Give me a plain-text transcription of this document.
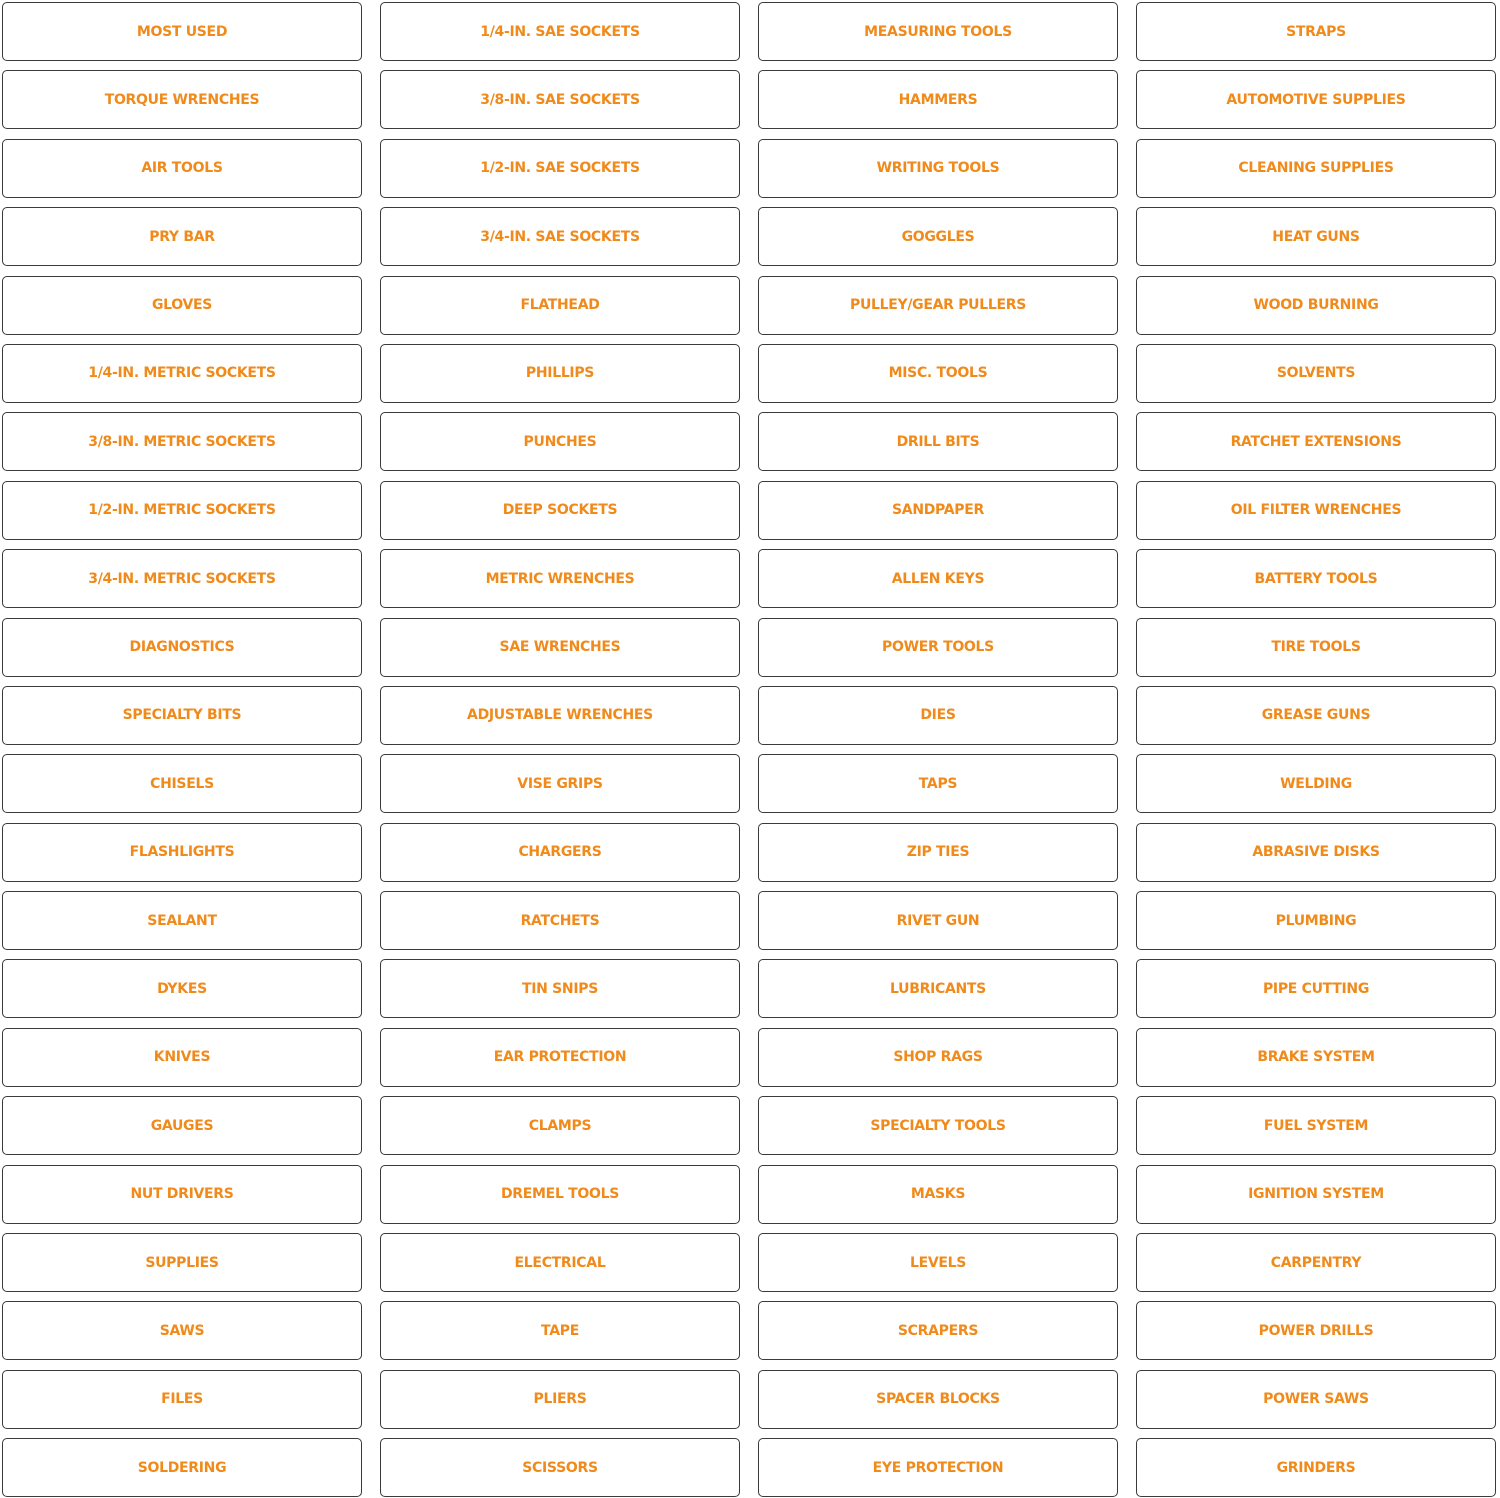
MOST USED	1/4-IN. SAE SOCKETS	MEASURING TOOLS	STRAPS
TORQUE WRENCHES	3/8-IN. SAE SOCKETS	HAMMERS	AUTOMOTIVE SUPPLIES
AIR TOOLS	1/2-IN. SAE SOCKETS	WRITING TOOLS	CLEANING SUPPLIES
PRY BAR	3/4-IN. SAE SOCKETS	GOGGLES	HEAT GUNS
GLOVES	FLATHEAD	PULLEY/GEAR PULLERS	WOOD BURNING
1/4-IN. METRIC SOCKETS	PHILLIPS	MISC. TOOLS	SOLVENTS
3/8-IN. METRIC SOCKETS	PUNCHES	DRILL BITS	RATCHET EXTENSIONS
1/2-IN. METRIC SOCKETS	DEEP SOCKETS	SANDPAPER	OIL FILTER WRENCHES
3/4-IN. METRIC SOCKETS	METRIC WRENCHES	ALLEN KEYS	BATTERY TOOLS
DIAGNOSTICS	SAE WRENCHES	POWER TOOLS	TIRE TOOLS
SPECIALTY BITS	ADJUSTABLE WRENCHES	DIES	GREASE GUNS
CHISELS	VISE GRIPS	TAPS	WELDING
FLASHLIGHTS	CHARGERS	ZIP TIES	ABRASIVE DISKS
SEALANT	RATCHETS	RIVET GUN	PLUMBING
DYKES	TIN SNIPS	LUBRICANTS	PIPE CUTTING
KNIVES	EAR PROTECTION	SHOP RAGS	BRAKE SYSTEM
GAUGES	CLAMPS	SPECIALTY TOOLS	FUEL SYSTEM
NUT DRIVERS	DREMEL TOOLS	MASKS	IGNITION SYSTEM
SUPPLIES	ELECTRICAL	LEVELS	CARPENTRY
SAWS	TAPE	SCRAPERS	POWER DRILLS
FILES	PLIERS	SPACER BLOCKS	POWER SAWS
SOLDERING	SCISSORS	EYE PROTECTION	GRINDERS
